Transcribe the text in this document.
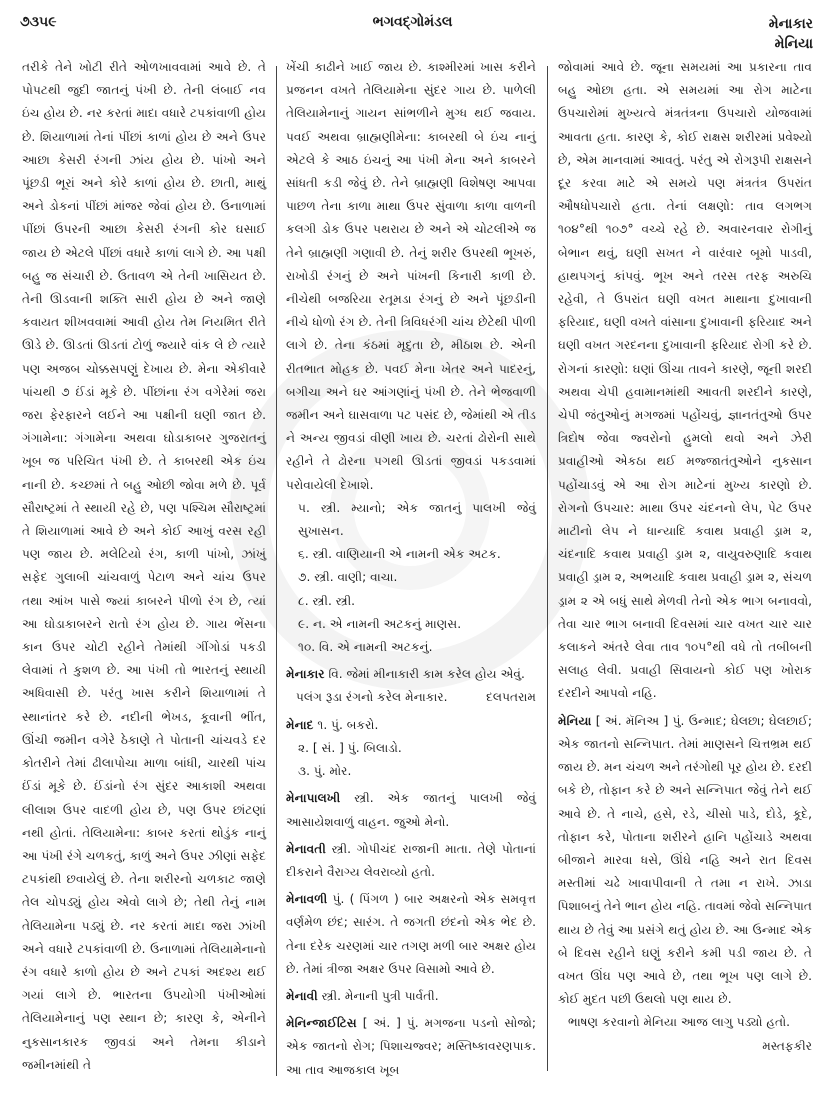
૭૩૫૯	ભગવદ્ગોમંડલ	મેનાકાર
મેનિયા

તરીકે તેને ખોટી રીતે ઓળખાવવામાં આવે છે. તે પોપટથી જુદી જાતનું પંખી છે. તેની લંબાઈ નવ ઇંચ હોય છે. નર કરતાં માદા વધારે ટપકાંવાળી હોય છે. શિયાળામાં તેનાં પીંછાં કાળાં હોય છે અને ઉપર આછા કેસરી રંગની ઝાંય હોય છે. પાંખો અને પૂંછડી ભૂરાં અને કોરે કાળાં હોય છે. છાતી, માથું અને ડોકનાં પીંછાં માંજર જેવાં હોય છે. ઉનાળામાં પીંછાં ઉપરની આછા કેસરી રંગની કોર ઘસાઈ જાય છે એટલે પીંછાં વધારે કાળાં લાગે છે. આ પક્ષી બહુ જ સંચારી છે. ઉતાવળ એ તેની ખાસિયત છે. તેની ઊડવાની શક્તિ સારી હોય છે અને જાણે કવાયત શીખવવામાં આવી હોય તેમ નિયમિત રીતે ઊડે છે. ઊડતાં ઊડતાં ટોળું જ્યારે વાંક લે છે ત્યારે પણ અજબ ચોક્કસપણું દેખાય છે. મેના એકીવારે પાંચથી ૭ ઈંડાં મૂકે છે. પીંછાંના રંગ વગેરેમાં જરા જરા ફેરફારને લઈને આ પક્ષીની ઘણી જાત છે. ગંગામેના: ગંગામેના અથવા ઘોડાકાબર ગુજરાતનું ખૂબ જ પરિચિત પંખી છે. તે કાબરથી એક ઇંચ નાની છે. કચ્છમાં તે બહુ ઓછી જોવા મળે છે. પૂર્વ સૌરાષ્ટ્રમાં તે સ્થાયી રહે છે, પણ પશ્ચિમ સૌરાષ્ટ્રમાં તે શિયાળામાં આવે છે અને કોઈ આખું વરસ રહી પણ જાય છે. મલેટિયો રંગ, કાળી પાંખો, ઝાંખું સફેદ ગુલાબી ચાંચવાળું પેટાળ અને ચાંચ ઉપર તથા આંખ પાસે જ્યાં કાબરને પીળો રંગ છે, ત્યાં આ ઘોડાકાબરને રાતો રંગ હોય છે. ગાય ભેંસના કાન ઉપર ચોટી રહીને તેમાંથી ગીંગોડાં પકડી લેવામાં તે કુશળ છે. આ પંખી તો ભારતનું સ્થાયી અધિવાસી છે. પરંતુ ખાસ કરીને શિયાળામાં તે સ્થાનાંતર કરે છે. નદીની ભેખડ, કૂવાની ભીંત, ઊંચી જમીન વગેરે ઠેકાણે તે પોતાની ચાંચવડે દર કોતરીને તેમાં ઢીલાપોચા માળા બાંધી, ચારથી પાંચ ઈંડાં મૂકે છે. ઈંડાંનો રંગ સુંદર આકાશી અથવા લીલાશ ઉપર વાદળી હોય છે, પણ ઉપર છાંટણાં નથી હોતાં. તેલિયામેના: કાબર કરતાં થોડુંક નાનું આ પંખી રંગે ચળકતું, કાળું અને ઉપર ઝીણાં સફેદ ટપકાંથી છવાયેલું છે. તેના શરીરનો ચળકાટ જાણે તેલ ચોપડ્યું હોય એવો લાગે છે; તેથી તેનું નામ તેલિયામેના પડ્યું છે. નર કરતાં માદા જરા ઝાંખી અને વધારે ટપકાંવાળી છે. ઉનાળામાં તેલિયામેનાનો રંગ વધારે કાળો હોય છે અને ટપકાં અદશ્ય થઈ ગયાં લાગે છે. ભારતના ઉપયોગી પંખીઓમાં તેલિયામેનાનું પણ સ્થાન છે; કારણ કે, એનીને નુકસાનકારક જીવડાં અને તેમના કીડાને જમીનમાંથી તે

ખેંચી કાઢીને ખાઈ જાય છે. કાશ્મીરમાં ખાસ કરીને પ્રજનન વખતે તેલિયામેના સુંદર ગાય છે. પાળેલી તેલિયામેનાનું ગાયન સાંભળીને મુગ્ધ થઈ જવાય. પવઈ અથવા બ્રાહ્મણીમેના: કાબરથી બે ઇંચ નાનું એટલે કે આઠ ઇંચનું આ પંખી મેના અને કાબરને સાંધતી કડી જેવું છે. તેને બ્રાહ્મણી વિશેષણ આપવા પાછળ તેના કાળા માથા ઉપર સુંવાળા કાળા વાળની કલગી ડોક ઉપર પથરાય છે અને એ ચોટલીએ જ તેને બ્રાહ્મણી ગણાવી છે. તેનું શરીર ઉપરથી ભૂખરું, રાખોડી રંગનું છે અને પાંખની કિનારી કાળી છે. નીચેથી બજરિયા રતૂમડા રંગનું છે અને પૂંછડીની નીચે ધોળો રંગ છે. તેની ત્રિવિધરંગી ચાંચ છેટેથી પીળી લાગે છે. તેના કંઠમાં મૃદુતા છે, મીઠાશ છે. એની રીતભાત મોહક છે. પવઈ મેના ખેતર અને પાદરનું, બગીચા અને ઘર આંગણાંનું પંખી છે. તેને ભેજવાળી જમીન અને ઘાસવાળા પટ પસંદ છે, જેમાંથી એ તીડ ને અન્ય જીવડાં વીણી ખાય છે. ચરતાં ઢોરોની સાથે રહીને તે ઢોરના પગથી ઊડતાં જીવડાં પકડવામાં પરોવાયેલી દેખાશે.

૫. સ્ત્રી. મ્યાનો; એક જાતનું પાલખી જેવું સુખાસન.

૬. સ્ત્રી. વાણિયાની એ નામની એક અટક.

૭. સ્ત્રી. વાણી; વાચા.

૮. સ્ત્રી. સ્ત્રી.

૯. ન. એ નામની અટકનું માણસ.

૧૦. વિ. એ નામની અટકનું.

મેનાકાર વિ. જેમાં મીનાકારી કામ કરેલ હોય એવું.

પલંગ રૂડા રંગનો કરેલ મેનાકાર.	દલપતરામ

મેનાદ ૧. પું. બકરો.

૨. [ સં. ] પું. બિલાડો.

૩. પું. મોર.

મેનાપાલખી સ્ત્રી. એક જાતનું પાલખી જેવું આસાયેશવાળું વાહન. જુઓ મેનો.

મેનાવતી સ્ત્રી. ગોપીચંદ રાજાની માતા. તેણે પોતાનાં દીકરાને વૈરાગ્ય લેવરાવ્યો હતો.

મેનાવળી પું. ( પિંગળ ) બાર અક્ષરનો એક સમવૃત્ત વર્ણમેળ છંદ; સારંગ. તે જગતી છંદનો એક ભેદ છે. તેના દરેક ચરણમાં ચાર તગણ મળી બાર અક્ષર હોય છે. તેમાં ત્રીજા અક્ષર ઉપર વિસામો આવે છે.

મેનાવી સ્ત્રી. મેનાની પુત્રી પાર્વતી.

મેનિન્જાઈટિસ [ અં. ] પું. મગજના પડનો સોજો; એક જાતનો રોગ; પિશાચજ્વર; મસ્તિષ્કાવરણપાક. આ તાવ આજકાલ ખૂબ

જોવામાં આવે છે. જૂના સમયમાં આ પ્રકારના તાવ બહુ ઓછા હતા. એ સમયમાં આ રોગ માટેના ઉપચારોમાં મુખ્યત્વે મંત્રતંત્રના ઉપચારો યોજવામાં આવતા હતા. કારણ કે, કોઈ રાક્ષસ શરીરમાં પ્રવેશ્યો છે, એમ માનવામાં આવતું. પરંતુ એ રોગરૂપી રાક્ષસને દૂર કરવા માટે એ સમયે પણ મંત્રતંત્ર ઉપરાંત ઔષધોપચારો હતા. તેનાં લક્ષણો: તાવ લગભગ ૧૦૪°થી ૧૦૭° વચ્ચે રહે છે. અવારનવાર રોગીનું બેભાન થવું, ઘણી સખત ને વારંવાર બૂમો પાડવી, હાથપગનું કાંપવું. ભૂખ અને તરસ તરફ અરુચિ રહેવી, તે ઉપરાંત ઘણી વખત માથાના દુખાવાની ફરિયાદ, ઘણી વખતે વાંસાના દુખાવાની ફરિયાદ અને ઘણી વખત ગરદનના દુખાવાની ફરિયાદ રોગી કરે છે. રોગનાં કારણો: ઘણાં ઊંચા તાવને કારણે, જૂની શરદી અથવા ચેપી હવામાનમાંથી આવતી શરદીને કારણે, ચેપી જંતુઓનું મગજમાં પહોંચવું, જ્ઞાનતંતુઓ ઉપર ત્રિદોષ જેવા જ્વરોનો હુમલો થવો અને ઝેરી પ્રવાહીઓ એકઠા થઈ મજ્જાતંતુઓને નુકસાન પહોંચાડવું એ આ રોગ માટેનાં મુખ્ય કારણો છે. રોગનો ઉપચાર: માથા ઉપર ચંદનનો લેપ, પેટ ઉપર માટીનો લેપ ને ધાન્યાદિ કવાથ પ્રવાહી ડ્રામ ૨, ચંદનાદિ કવાથ પ્રવાહી ડ્રામ ૨, વાયુવરુણાદિ કવાથ પ્રવાહી ડ્રામ ૨, અભયાદિ કવાથ પ્રવાહી ડ્રામ ૨, સંચળ ડ્રામ ૨ એ બધું સાથે મેળવી તેનો એક ભાગ બનાવવો, તેવા ચાર ભાગ બનાવી દિવસમાં ચાર વખત ચાર ચાર કલાકને અંતરે લેવા તાવ ૧૦૫°થી વધે તો તબીબની સલાહ લેવી. પ્રવાહી સિવાયનો કોઈ પણ ખોરાક દરદીને આપવો નહિ.

મેનિયા [ અં. મૅનિઅ ] પું. ઉન્માદ; ઘેલછા; ઘેલછાઈ; એક જાતનો સન્નિપાત. તેમાં માણસને ચિત્તભ્રમ થઈ જાય છે. મન ચંચળ અને તરંગોથી પૂર હોય છે. દરદી બકે છે, તોફાન કરે છે અને સન્નિપાત જેવું તેને થઈ આવે છે. તે નાચે, હસે, રડે, ચીસો પાડે, દોડે, કૂદે, તોફાન કરે, પોતાના શરીરને હાનિ પહોંચાડે અથવા બીજાને મારવા ધસે, ઊંઘે નહિ અને રાત દિવસ મસ્તીમાં ચઢે ખાવાપીવાની તે તમા ન રાખે. ઝાડા પિશાબનું તેને ભાન હોય નહિ. તાવમાં જેવો સન્નિપાત થાય છે તેવું આ પ્રસંગે થતું હોય છે. આ ઉન્માદ એક બે દિવસ રહીને ઘણું કરીને કમી પડી જાય છે. તે વખત ઊંઘ પણ આવે છે, તથા ભૂખ પણ લાગે છે. કોઈ મુદત પછી ઉથલો પણ થાય છે.

ભાષણ કરવાનો મેનિયા આજ લાગુ પડ્યો હતો.
મસ્તફકીર
